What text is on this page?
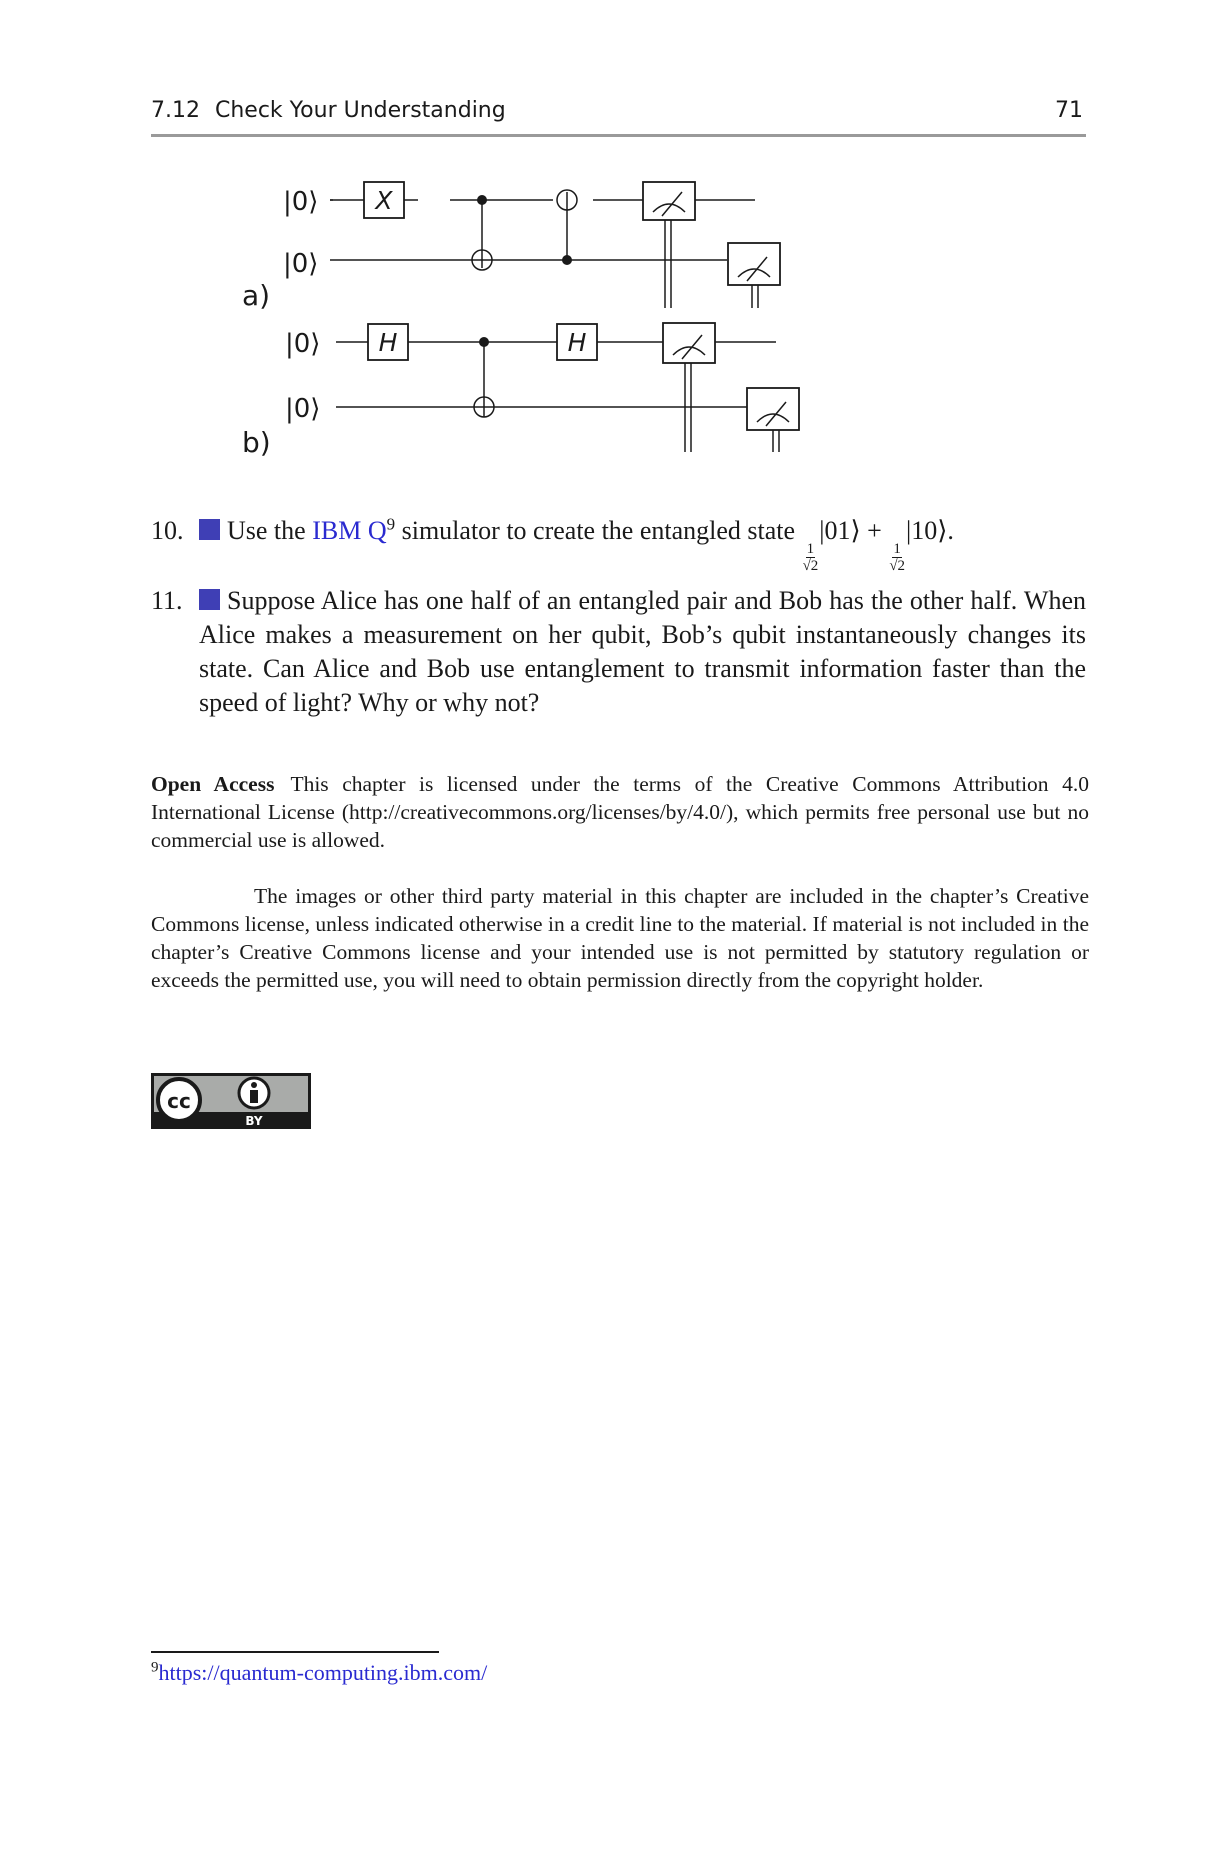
7.12 Check Your Understanding	71
|0⟩
|0⟩
a)
|0⟩
|0⟩
b)
X
H	H
10. Use the IBM $Q^9$ simulator to create the entangled state
$\frac{1}{√2}$
|01⟩ +
$\frac{1}{√2}$
|10⟩.
11. Suppose Alice has one half of an entangled pair and Bob has the other half. When Alice makes a measurement on her qubit, Bob’s qubit instantaneously changes its state. Can Alice and Bob use entanglement to transmit information faster than the speed of light? Why or why not?

Open Access This chapter is licensed under the terms of the Creative Commons Attribution 4.0 International License (http://creativecommons.org/licenses/by/4.0/), which permits free personal use but no commercial use is allowed.

The images or other third party material in this chapter are included in the chapter’s Creative Commons license, unless indicated otherwise in a credit line to the material. If material is not included in the chapter’s Creative Commons license and your intended use is not permitted by statutory regulation or exceeds the permitted use, you will need to obtain permission directly from the copyright holder.

cc
BY
$^9$https://quantum-computing.ibm.com/
